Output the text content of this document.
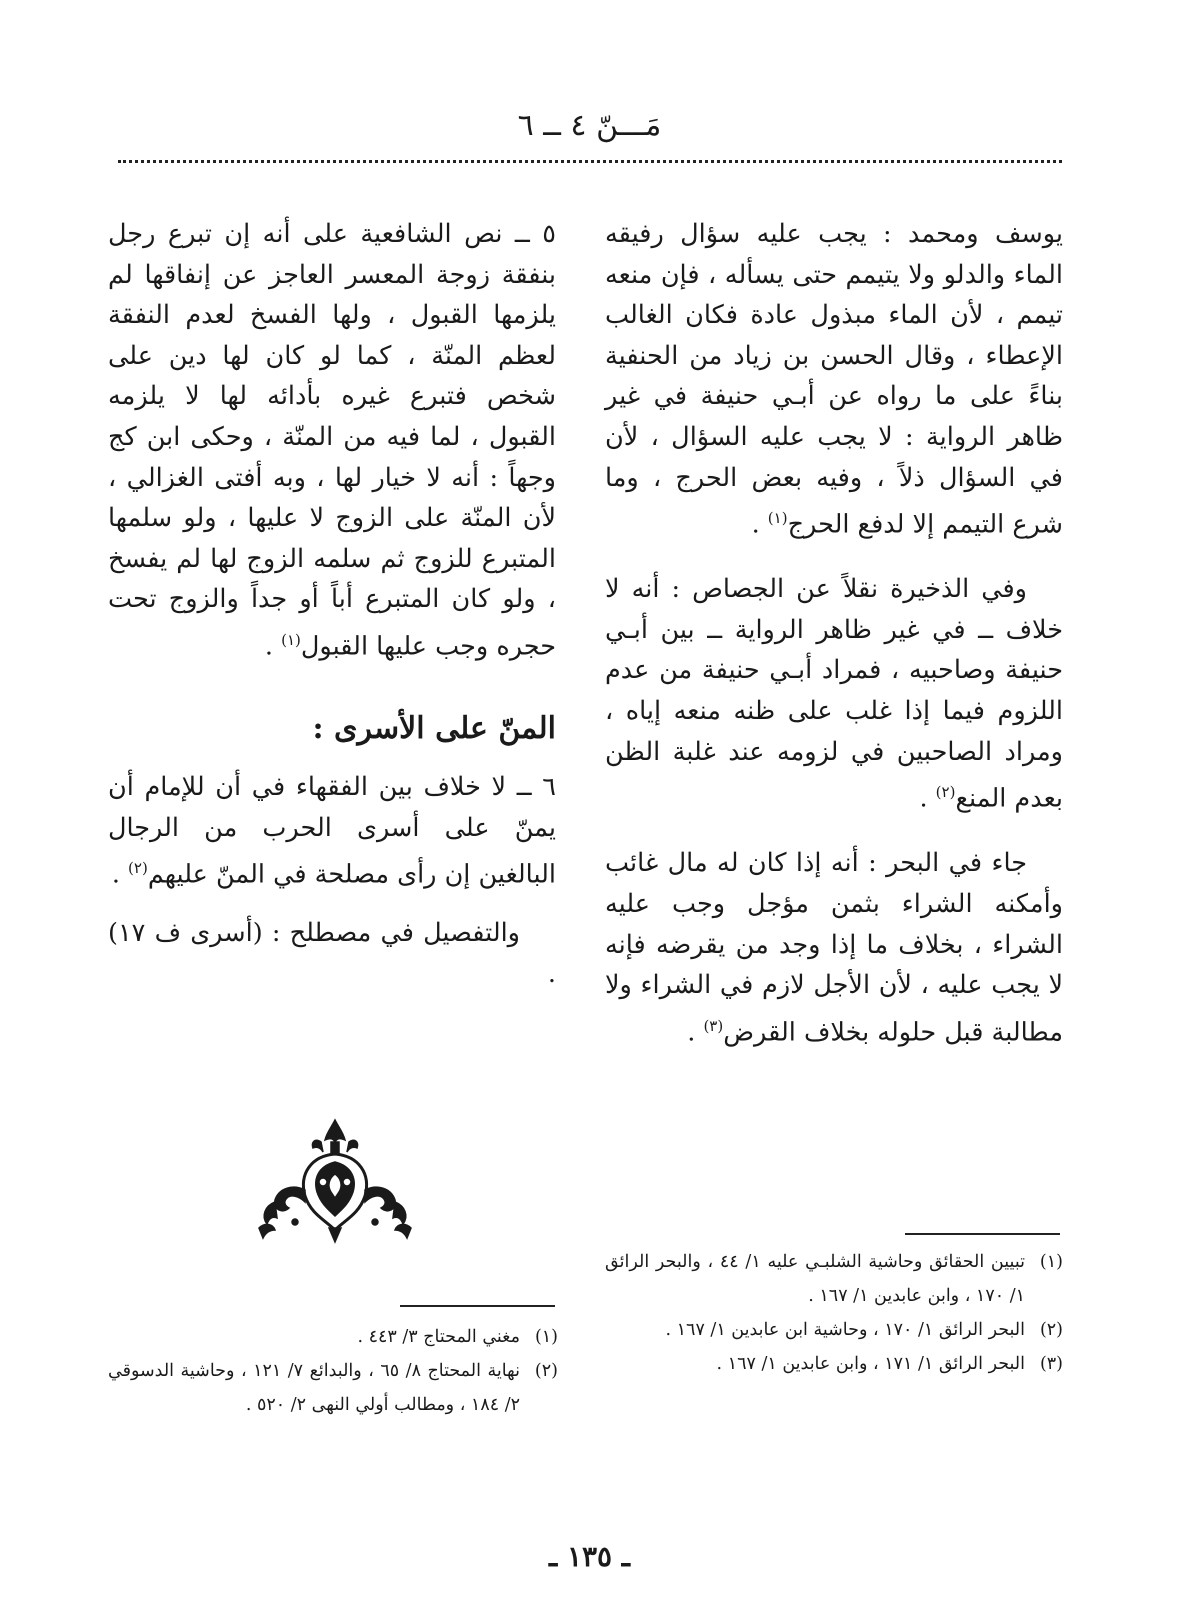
مَـــنّ ٤ ــ ٦

يوسف ومحمد : يجب عليه سؤال رفيقه الماء والدلو ولا يتيمم حتى يسأله ، فإن منعه تيمم ، لأن الماء مبذول عادة فكان الغالب الإعطاء ، وقال الحسن بن زياد من الحنفية بناءً على ما رواه عن أبـي حنيفة في غير ظاهر الرواية : لا يجب عليه السؤال ، لأن في السؤال ذلاً ، وفيه بعض الحرج ، وما شرع التيمم إلا لدفع الحرج$^{(١)}$ .

وفي الذخيرة نقلاً عن الجصاص : أنه لا خلاف ــ في غير ظاهر الرواية ــ بين أبـي حنيفة وصاحبيه ، فمراد أبـي حنيفة من عدم اللزوم فيما إذا غلب على ظنه منعه إياه ، ومراد الصاحبين في لزومه عند غلبة الظن بعدم المنع$^{(٢)}$ .

جاء في البحر : أنه إذا كان له مال غائب وأمكنه الشراء بثمن مؤجل وجب عليه الشراء ، بخلاف ما إذا وجد من يقرضه فإنه لا يجب عليه ، لأن الأجل لازم في الشراء ولا مطالبة قبل حلوله بخلاف القرض$^{(٣)}$ .

٥ ــ نص الشافعية على أنه إن تبرع رجل بنفقة زوجة المعسر العاجز عن إنفاقها لم يلزمها القبول ، ولها الفسخ لعدم النفقة لعظم المنّة ، كما لو كان لها دين على شخص فتبرع غيره بأدائه لها لا يلزمه القبول ، لما فيه من المنّة ، وحكى ابن كج وجهاً : أنه لا خيار لها ، وبه أفتى الغزالي ، لأن المنّة على الزوج لا عليها ، ولو سلمها المتبرع للزوج ثم سلمه الزوج لها لم يفسخ ، ولو كان المتبرع أباً أو جداً والزوج تحت حجره وجب عليها القبول$^{(١)}$ .

المنّ على الأسرى :

٦ ــ لا خلاف بين الفقهاء في أن للإمام أن يمنّ على أسرى الحرب من الرجال البالغين إن رأى مصلحة في المنّ عليهم$^{(٢)}$ .

والتفصيل في مصطلح : (أسرى ف ١٧) .

(١)تبيين الحقائق وحاشية الشلبـي عليه ١/ ٤٤ ، والبحر الرائق ١/ ١٧٠ ، وابن عابدين ١/ ١٦٧ .

(٢)البحر الرائق ١/ ١٧٠ ، وحاشية ابن عابدين ١/ ١٦٧ .

(٣)البحر الرائق ١/ ١٧١ ، وابن عابدين ١/ ١٦٧ .

(١)مغني المحتاج ٣/ ٤٤٣ .

(٢)نهاية المحتاج ٨/ ٦٥ ، والبدائع ٧/ ١٢١ ، وحاشية الدسوقي ٢/ ١٨٤ ، ومطالب أولي النهى ٢/ ٥٢٠ .

ـ ١٣٥ ـ
